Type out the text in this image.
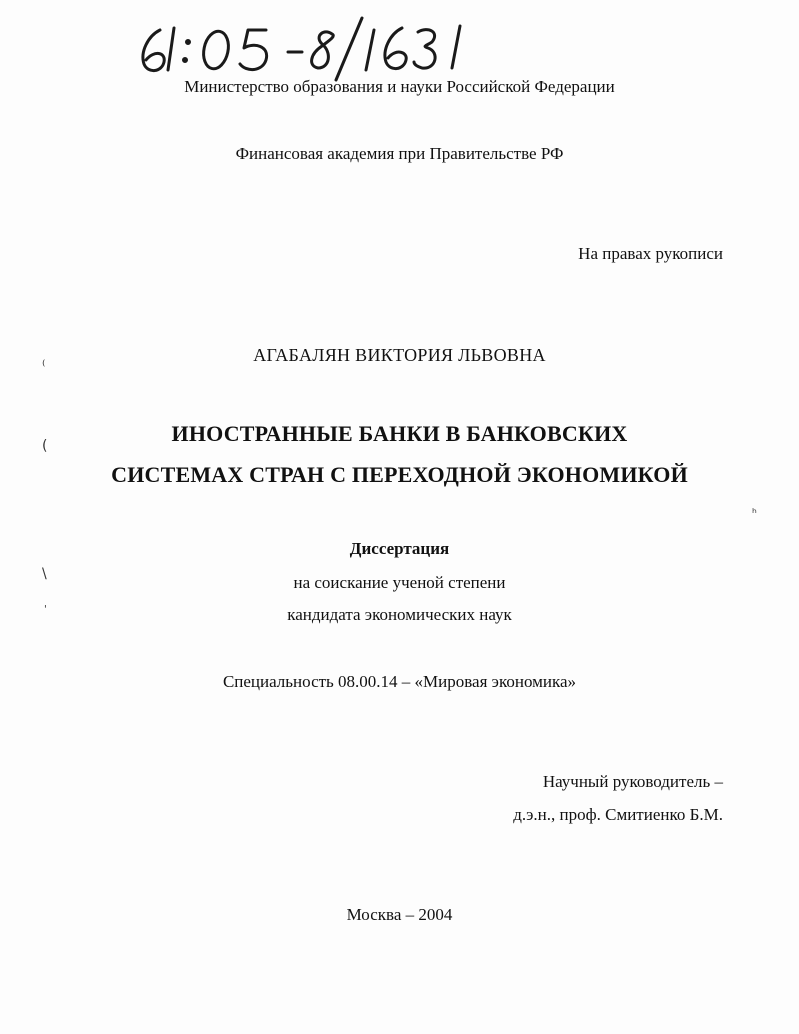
⁽
(
\
'
ʰ
Министерство образования и науки Российской Федерации
Финансовая академия при Правительстве РФ
На правах рукописи
АГАБАЛЯН ВИКТОРИЯ ЛЬВОВНА
ИНОСТРАННЫЕ БАНКИ В БАНКОВСКИХ
СИСТЕМАХ СТРАН С ПЕРЕХОДНОЙ ЭКОНОМИКОЙ
Диссертация
на соискание ученой степени
кандидата экономических наук
Специальность 08.00.14 – «Мировая экономика»
Научный руководитель –
д.э.н., проф. Смитиенко Б.М.
Москва – 2004
